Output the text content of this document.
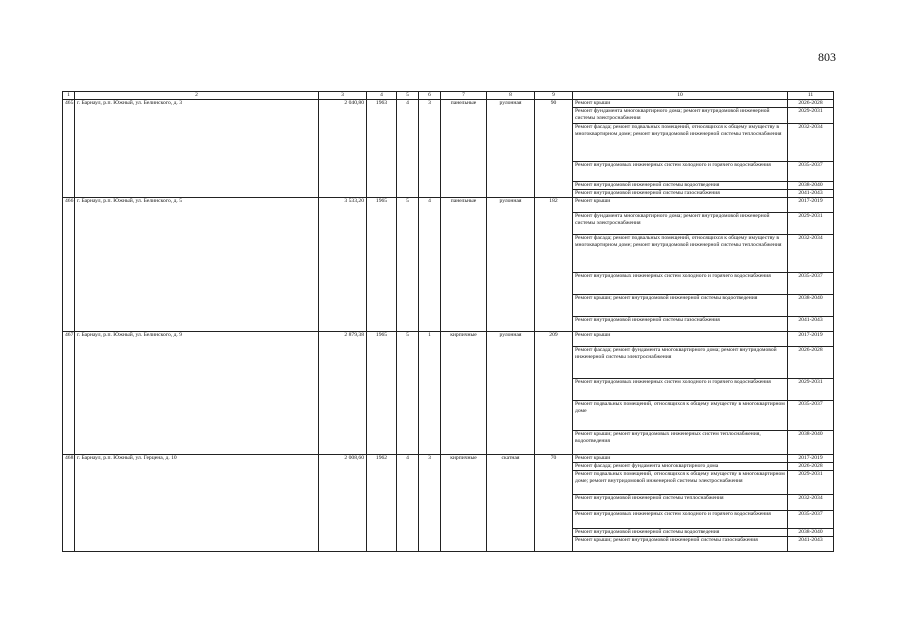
803
1	2	3	4	5	6	7	8	9	10	11
465	г. Барнаул, р.п. Южный, ул. Белинского, д. 3	2 040,80	1963	4	3	панельные	рулонная	90	Ремонт крыши	2026-2028
									Ремонт фундамента многоквартирного дома; ремонт внутридомовой инженерной системы электроснабжения	2029-2031
									Ремонт фасада; ремонт подвальных помещений, относящихся к общему имуществу в многоквартирном доме; ремонт внутридомовой инженерной системы теплоснабжения	2032-2034
									Ремонт внутридомовых инженерных систем холодного и горячего водоснабжения	2035-2037
									Ремонт внутридомовой инженерной системы водоотведения	2038-2040
									Ремонт внутридомовой инженерной системы газоснабжения	2041-2043
466	г. Барнаул, р.п. Южный, ул. Белинского, д. 5	3 533,20	1965	5	4	панельные	рулонная	182	Ремонт крыши	2017-2019
									Ремонт фундамента многоквартирного дома; ремонт внутридомовой инженерной системы электроснабжения	2029-2031
									Ремонт фасада; ремонт подвальных помещений, относящихся к общему имуществу в многоквартирном доме; ремонт внутридомовой инженерной системы теплоснабжения	2032-2034
									Ремонт внутридомовых инженерных систем холодного и горячего водоснабжения	2035-2037
									Ремонт крыши; ремонт внутридомовой инженерной системы водоотведения	2038-2040
									Ремонт внутридомовой инженерной системы газоснабжения	2041-2043
467	г. Барнаул, р.п. Южный, ул. Белинского, д. 9	2 879,38	1965	5	1	кирпичные	рулонная	209	Ремонт крыши	2017-2019
									Ремонт фасада; ремонт фундамента многоквартирного дома; ремонт внутридомовой инженерной системы электроснабжения	2026-2028
									Ремонт внутридомовых инженерных систем холодного и горячего водоснабжения	2029-2031
									Ремонт подвальных помещений, относящихся к общему имуществу в многоквартирном доме	2035-2037
									Ремонт крыши; ремонт внутридомовых инженерных систем теплоснабжения, водоотведения	2038-2040
468	г. Барнаул, р.п. Южный, ул. Герцена, д. 10	2 008,60	1962	4	3	кирпичные	скатная	70	Ремонт крыши	2017-2019
									Ремонт фасада; ремонт фундамента многоквартирного дома	2026-2028
									Ремонт подвальных помещений, относящихся к общему имуществу в многоквартирном доме; ремонт внутридомовой инженерной системы электроснабжения	2029-2031
									Ремонт внутридомовой инженерной системы теплоснабжения	2032-2034
									Ремонт внутридомовых инженерных систем холодного и горячего водоснабжения	2035-2037
									Ремонт внутридомовой инженерной системы водоотведения	2038-2040
									Ремонт крыши; ремонт внутридомовой инженерной системы газоснабжения	2041-2043
